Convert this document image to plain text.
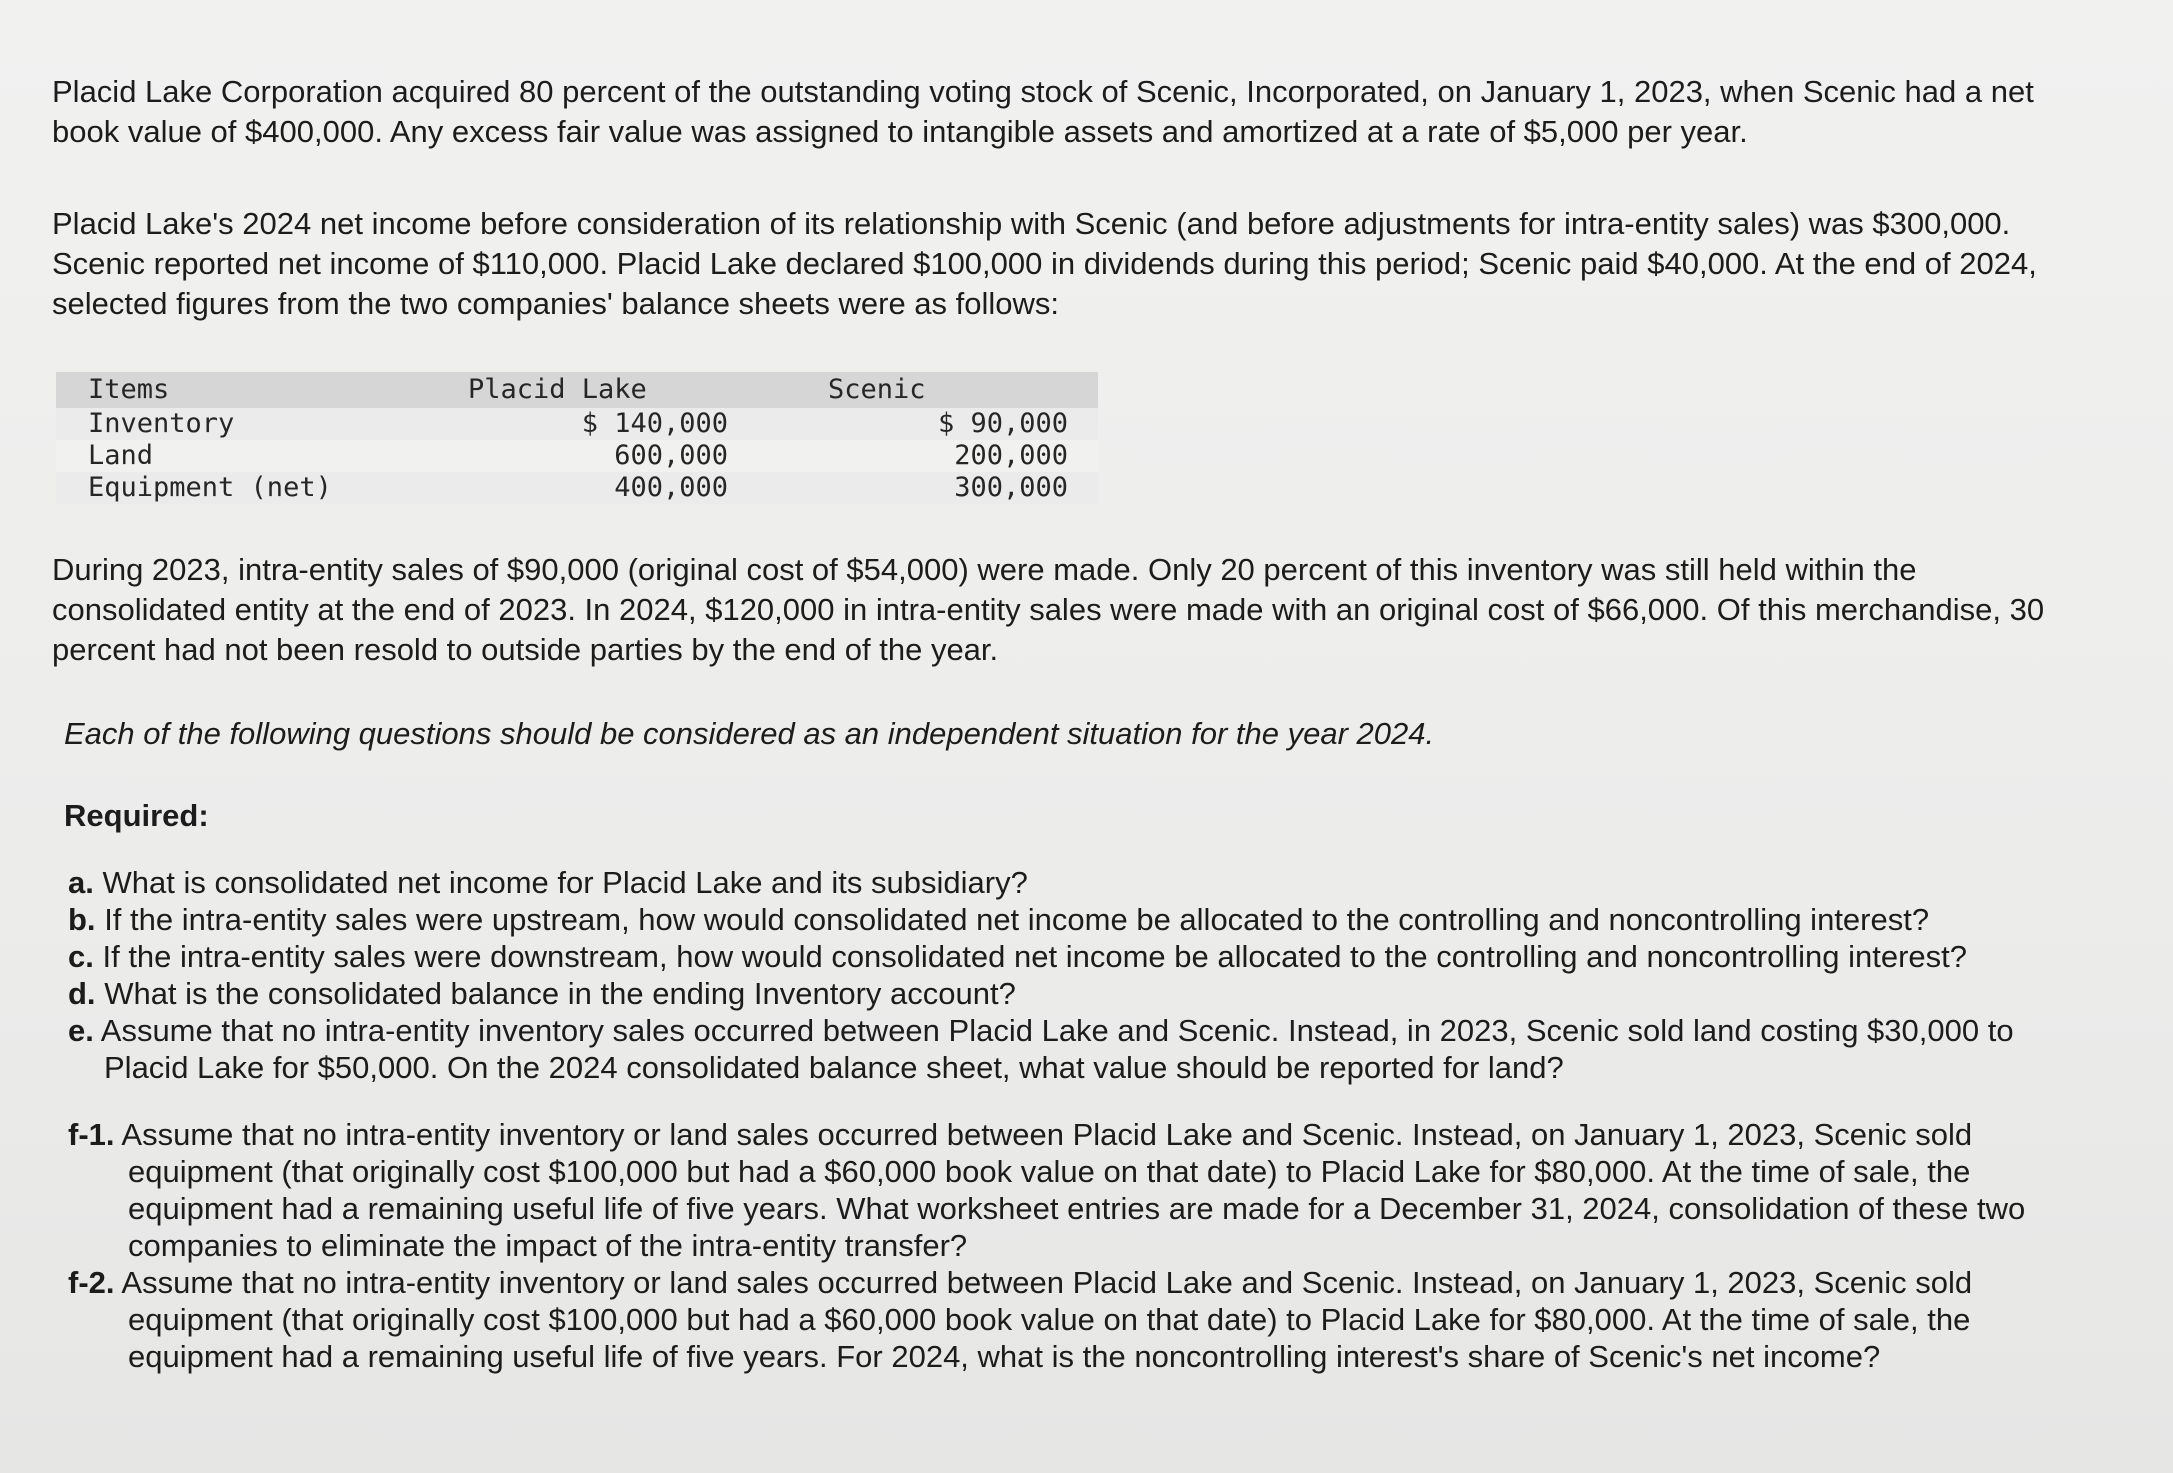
Placid Lake Corporation acquired 80 percent of the outstanding voting stock of Scenic, Incorporated, on January 1, 2023, when Scenic had a net book value of $400,000. Any excess fair value was assigned to intangible assets and amortized at a rate of $5,000 per year.

Placid Lake's 2024 net income before consideration of its relationship with Scenic (and before adjustments for intra-entity sales) was $300,000. Scenic reported net income of $110,000. Placid Lake declared $100,000 in dividends during this period; Scenic paid $40,000. At the end of 2024, selected figures from the two companies' balance sheets were as follows:

Items	Placid Lake	Scenic
Inventory	$ 140,000	$ 90,000
Land	600,000	200,000
Equipment (net)	400,000	300,000

During 2023, intra-entity sales of $90,000 (original cost of $54,000) were made. Only 20 percent of this inventory was still held within the consolidated entity at the end of 2023. In 2024, $120,000 in intra-entity sales were made with an original cost of $66,000. Of this merchandise, 30 percent had not been resold to outside parties by the end of the year.

Each of the following questions should be considered as an independent situation for the year 2024.

Required:

a. What is consolidated net income for Placid Lake and its subsidiary?
b. If the intra-entity sales were upstream, how would consolidated net income be allocated to the controlling and noncontrolling interest?
c. If the intra-entity sales were downstream, how would consolidated net income be allocated to the controlling and noncontrolling interest?
d. What is the consolidated balance in the ending Inventory account?
e. Assume that no intra-entity inventory sales occurred between Placid Lake and Scenic. Instead, in 2023, Scenic sold land costing $30,000 to Placid Lake for $50,000. On the 2024 consolidated balance sheet, what value should be reported for land?
f-1. Assume that no intra-entity inventory or land sales occurred between Placid Lake and Scenic. Instead, on January 1, 2023, Scenic sold equipment (that originally cost $100,000 but had a $60,000 book value on that date) to Placid Lake for $80,000. At the time of sale, the equipment had a remaining useful life of five years. What worksheet entries are made for a December 31, 2024, consolidation of these two companies to eliminate the impact of the intra-entity transfer?
f-2. Assume that no intra-entity inventory or land sales occurred between Placid Lake and Scenic. Instead, on January 1, 2023, Scenic sold equipment (that originally cost $100,000 but had a $60,000 book value on that date) to Placid Lake for $80,000. At the time of sale, the equipment had a remaining useful life of five years. For 2024, what is the noncontrolling interest's share of Scenic's net income?
